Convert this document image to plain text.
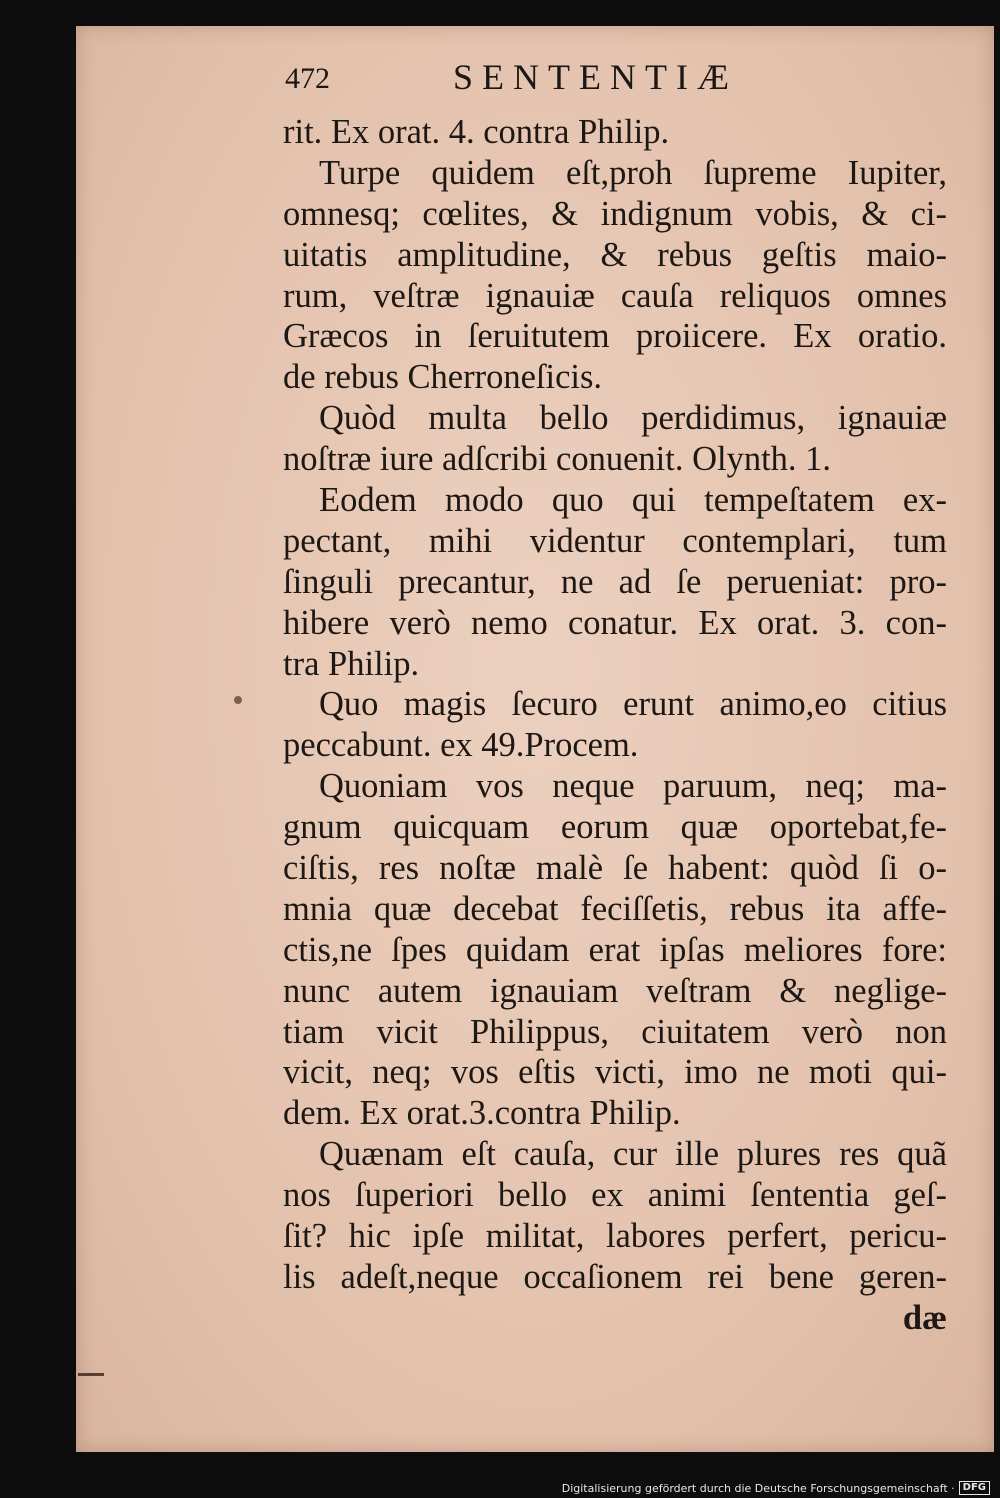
472	SENTENTIÆ
rit. Ex orat. 4. contra Philip.
Turpe quidem eſt,proh ſupreme Iupiter,
omnesq; cœlites, & indignum vobis, & ci-
uitatis amplitudine, & rebus geſtis maio-
rum, veſtræ ignauiæ cauſa reliquos omnes
Græcos in ſeruitutem proiicere. Ex oratio.
de rebus Cherroneſicis.
Quòd multa bello perdidimus, ignauiæ
noſtræ iure adſcribi conuenit. Olynth. 1.
Eodem modo quo qui tempeſtatem ex-
pectant, mihi videntur contemplari, tum
ſinguli precantur, ne ad ſe perueniat: pro-
hibere verò nemo conatur. Ex orat. 3. con-
tra Philip.
Quo magis ſecuro erunt animo,eo citius
peccabunt. ex 49.Procem.
Quoniam vos neque paruum, neq; ma-
gnum quicquam eorum quæ oportebat,fe-
ciſtis, res noſtæ malè ſe habent: quòd ſi o-
mnia quæ decebat feciſſetis, rebus ita affe-
ctis,ne ſpes quidam erat ipſas meliores fore:
nunc autem ignauiam veſtram & neglige-
tiam vicit Philippus, ciuitatem verò non
vicit, neq; vos eſtis victi, imo ne moti qui-
dem. Ex orat.3.contra Philip.
Quænam eſt cauſa, cur ille plures res quã
nos ſuperiori bello ex animi ſententia geſ-
ſit? hic ipſe militat, labores perfert, pericu-
lis adeſt,neque occaſionem rei bene geren-
dæ
Digitalisierung gefördert durch die Deutsche Forschungsgemeinschaft · DFG
